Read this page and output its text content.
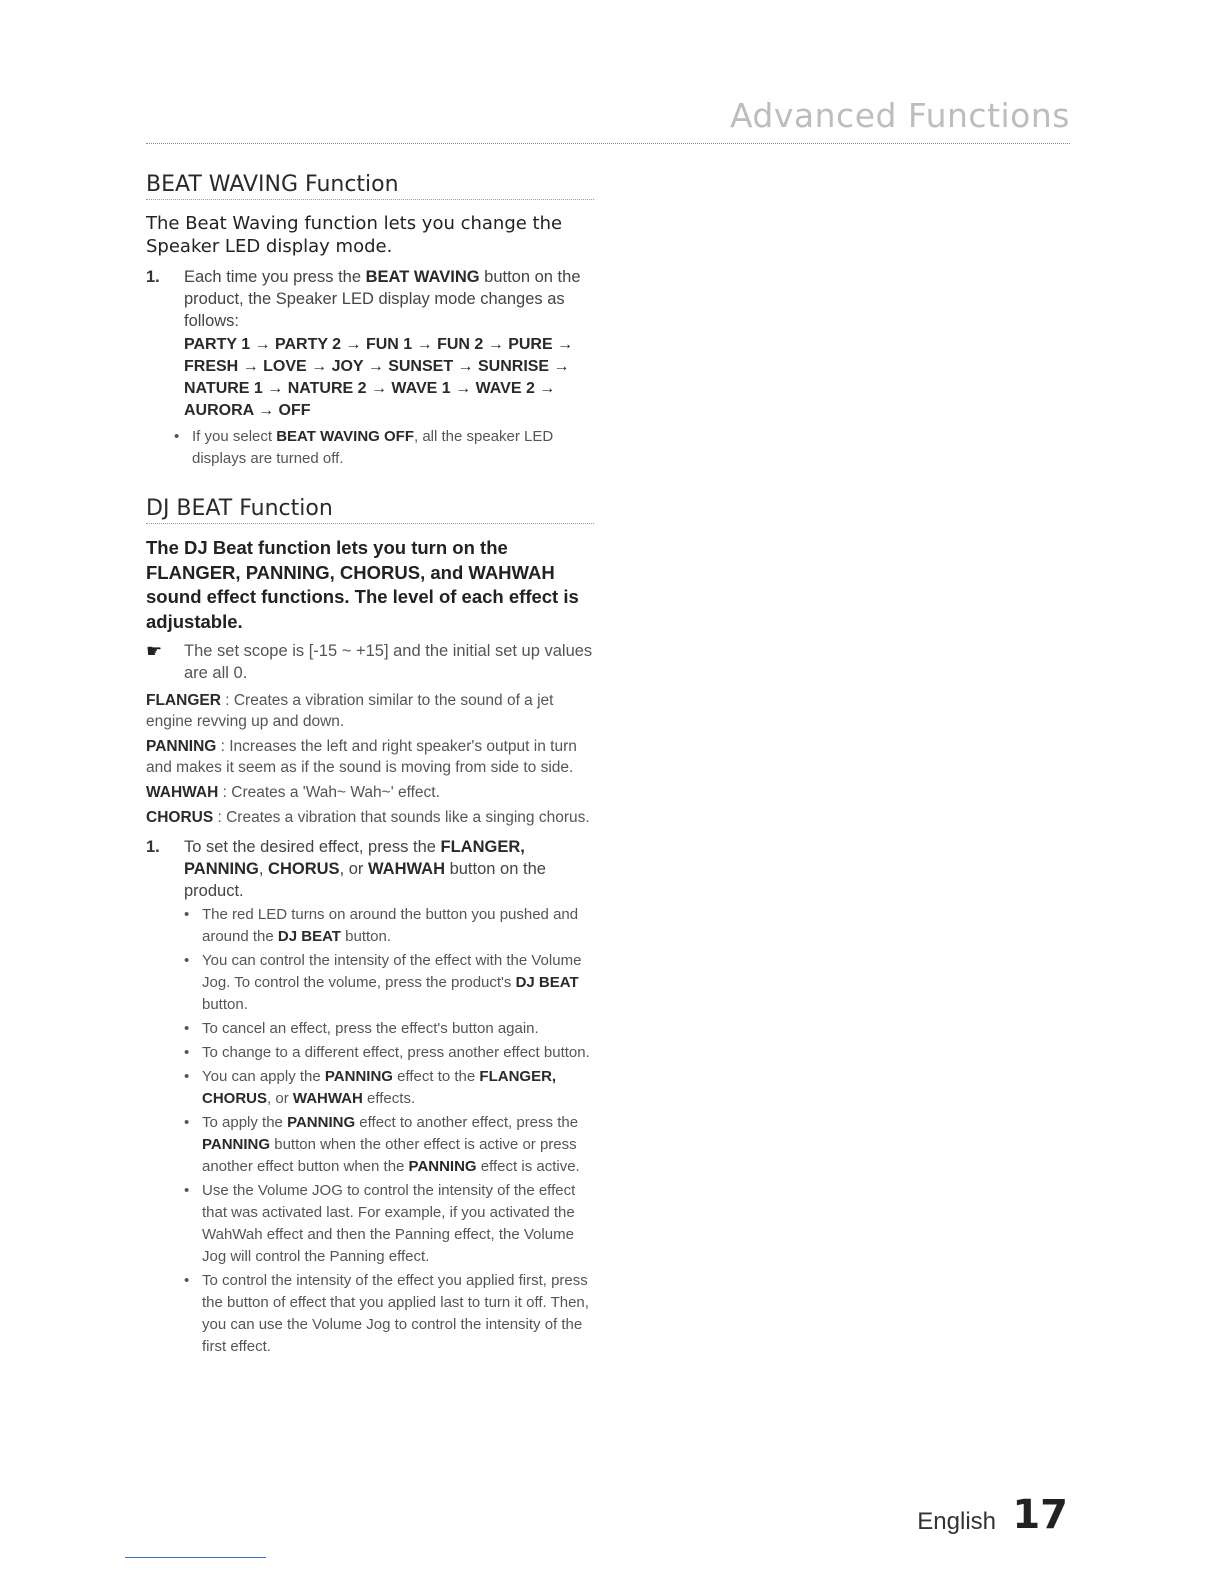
Advanced Functions
BEAT WAVING Function
The Beat Waving function lets you change the Speaker LED display mode.
1.	Each time you press the BEAT WAVING button on the product, the Speaker LED display mode changes as follows:
PARTY 1 → PARTY 2 → FUN 1 → FUN 2 → PURE → FRESH → LOVE → JOY → SUNSET → SUNRISE → NATURE 1 → NATURE 2 → WAVE 1 → WAVE 2 → AURORA → OFF
• If you select BEAT WAVING OFF, all the speaker LED displays are turned off.
DJ BEAT Function
The DJ Beat function lets you turn on the FLANGER, PANNING, CHORUS, and WAHWAH sound effect functions. The level of each effect is adjustable.
☛	The set scope is [-15 ~ +15] and the initial set up values are all 0.
FLANGER : Creates a vibration similar to the sound of a jet engine revving up and down.
PANNING : Increases the left and right speaker's output in turn and makes it seem as if the sound is moving from side to side.
WAHWAH : Creates a 'Wah~ Wah~' effect.
CHORUS : Creates a vibration that sounds like a singing chorus.
1.	To set the desired effect, press the FLANGER, PANNING, CHORUS, or WAHWAH button on the product.
• The red LED turns on around the button you pushed and around the DJ BEAT button.
• You can control the intensity of the effect with the Volume Jog. To control the volume, press the product's DJ BEAT button.
• To cancel an effect, press the effect's button again.
• To change to a different effect, press another effect button.
• You can apply the PANNING effect to the FLANGER, CHORUS, or WAHWAH effects.
• To apply the PANNING effect to another effect, press the PANNING button when the other effect is active or press another effect button when the PANNING effect is active.
• Use the Volume JOG to control the intensity of the effect that was activated last. For example, if you activated the WahWah effect and then the Panning effect, the Volume Jog will control the Panning effect.
• To control the intensity of the effect you applied first, press the button of effect that you applied last to turn it off. Then, you can use the Volume Jog to control the intensity of the first effect.
English 17
